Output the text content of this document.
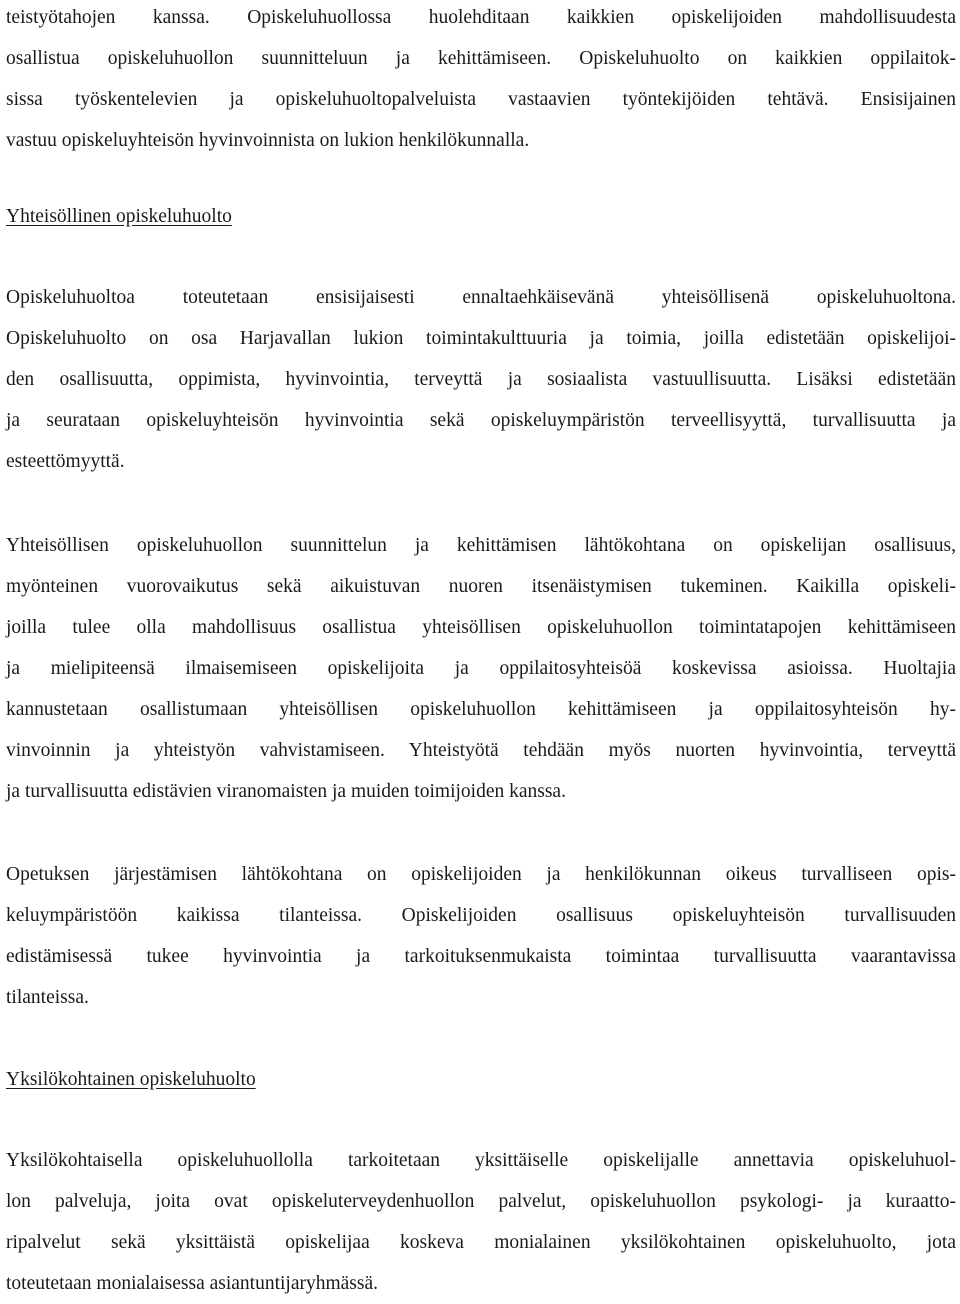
teistyötahojen kanssa. Opiskeluhuollossa huolehditaan kaikkien opiskelijoiden mahdollisuudesta
osallistua opiskeluhuollon suunnitteluun ja kehittämiseen. Opiskeluhuolto on kaikkien oppilaitok-
sissa työskentelevien ja opiskeluhuoltopalveluista vastaavien työntekijöiden tehtävä. Ensisijainen
vastuu opiskeluyhteisön hyvinvoinnista on lukion henkilökunnalla.

Yhteisöllinen opiskeluhuolto

Opiskeluhuoltoa toteutetaan ensisijaisesti ennaltaehkäisevänä yhteisöllisenä opiskeluhuoltona.
Opiskeluhuolto on osa Harjavallan lukion toimintakulttuuria ja toimia, joilla edistetään opiskelijoi-
den osallisuutta, oppimista, hyvinvointia, terveyttä ja sosiaalista vastuullisuutta. Lisäksi edistetään
ja seurataan opiskeluyhteisön hyvinvointia sekä opiskeluympäristön terveellisyyttä, turvallisuutta ja
esteettömyyttä.

Yhteisöllisen opiskeluhuollon suunnittelun ja kehittämisen lähtökohtana on opiskelijan osallisuus,
myönteinen vuorovaikutus sekä aikuistuvan nuoren itsenäistymisen tukeminen. Kaikilla opiskeli-
joilla tulee olla mahdollisuus osallistua yhteisöllisen opiskeluhuollon toimintatapojen kehittämiseen
ja mielipiteensä ilmaisemiseen opiskelijoita ja oppilaitosyhteisöä koskevissa asioissa. Huoltajia
kannustetaan osallistumaan yhteisöllisen opiskeluhuollon kehittämiseen ja oppilaitosyhteisön hy-
vinvoinnin ja yhteistyön vahvistamiseen. Yhteistyötä tehdään myös nuorten hyvinvointia, terveyttä
ja turvallisuutta edistävien viranomaisten ja muiden toimijoiden kanssa.

Opetuksen järjestämisen lähtökohtana on opiskelijoiden ja henkilökunnan oikeus turvalliseen opis-
keluympäristöön kaikissa tilanteissa. Opiskelijoiden osallisuus opiskeluyhteisön turvallisuuden
edistämisessä tukee hyvinvointia ja tarkoituksenmukaista toimintaa turvallisuutta vaarantavissa
tilanteissa.

Yksilökohtainen opiskeluhuolto

Yksilökohtaisella opiskeluhuollolla tarkoitetaan yksittäiselle opiskelijalle annettavia opiskeluhuol-
lon palveluja, joita ovat opiskeluterveydenhuollon palvelut, opiskeluhuollon psykologi- ja kuraatto-
ripalvelut sekä yksittäistä opiskelijaa koskeva monialainen yksilökohtainen opiskeluhuolto, jota
toteutetaan monialaisessa asiantuntijaryhmässä.
